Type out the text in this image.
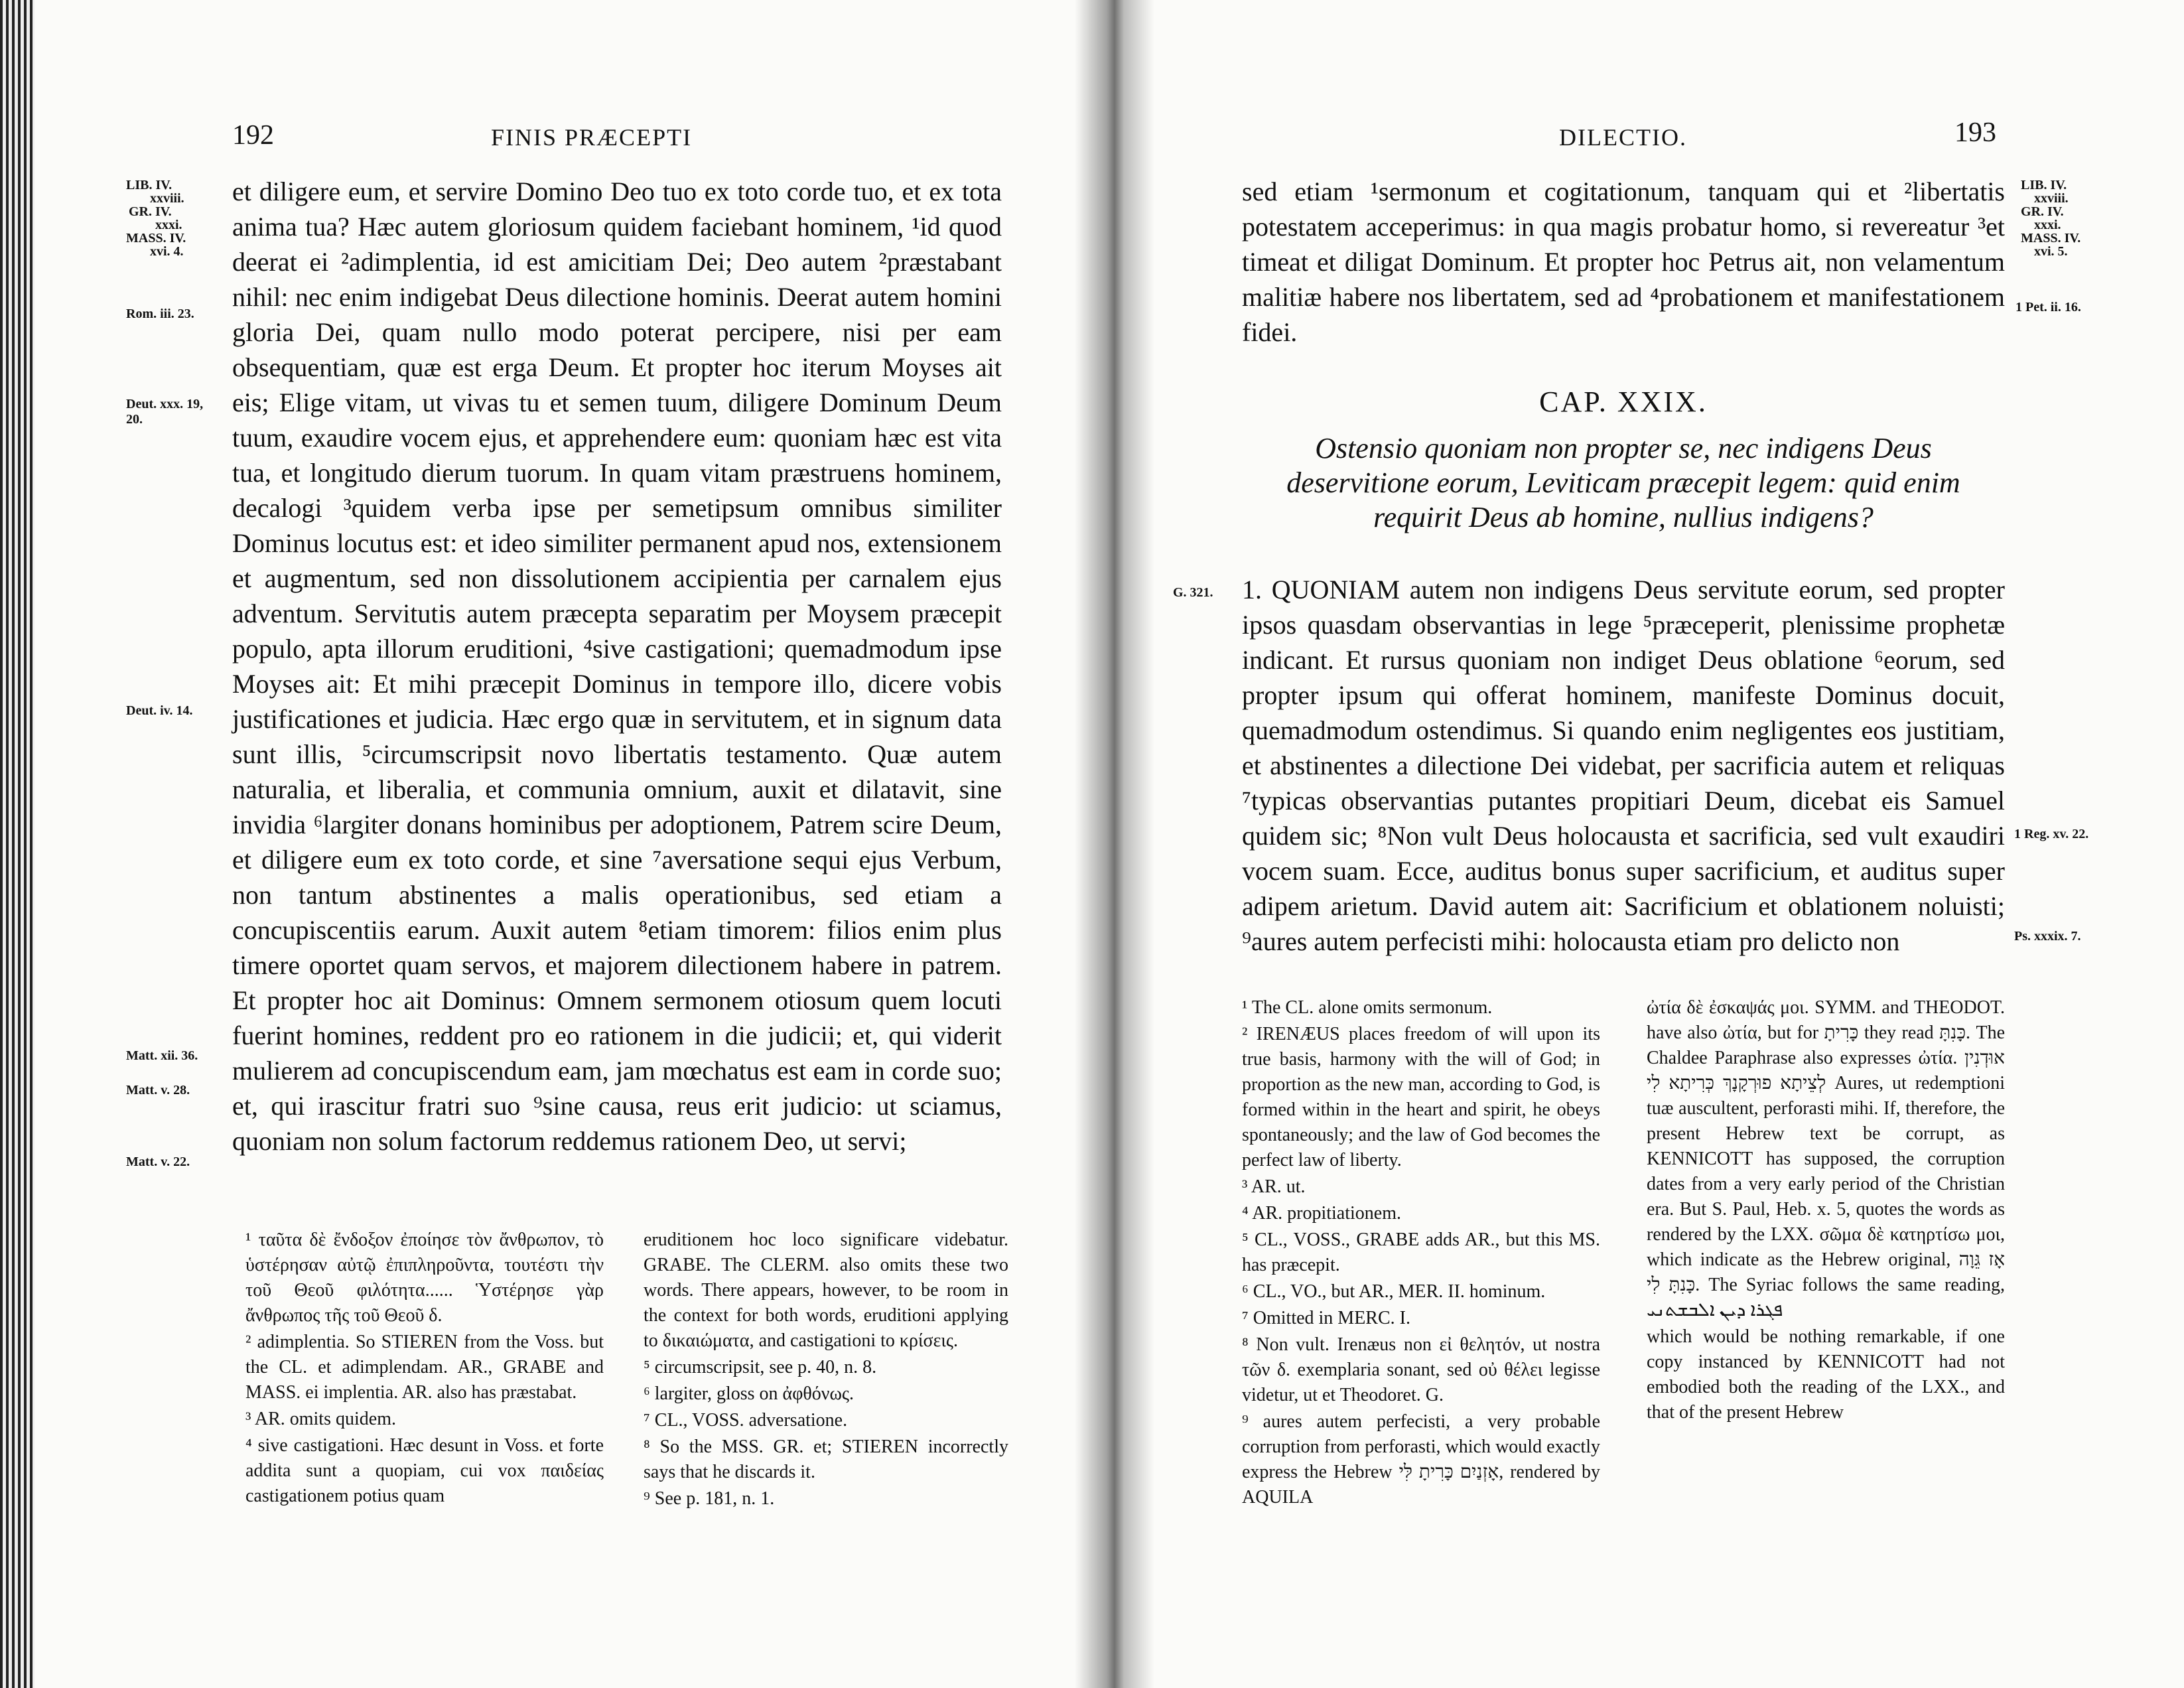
192	FINIS PRÆCEPTI
LIB. IV.
xxviii.
GR. IV.
xxxi.
MASS. IV.
xvi. 4.
Rom. iii. 23.
Deut. xxx. 19, 20.
Deut. iv. 14.
Matt. xii. 36.
Matt. v. 28.
Matt. v. 22.

et diligere eum, et servire Domino Deo tuo ex toto corde tuo, et ex tota anima tua? Hæc autem gloriosum quidem faciebant hominem, ¹id quod deerat ei ²adimplentia, id est amicitiam Dei; Deo autem ²præstabant nihil: nec enim indigebat Deus dilectione hominis. Deerat autem homini gloria Dei, quam nullo modo poterat percipere, nisi per eam obsequentiam, quæ est erga Deum. Et propter hoc iterum Moyses ait eis; Elige vitam, ut vivas tu et semen tuum, diligere Dominum Deum tuum, exaudire vocem ejus, et apprehendere eum: quoniam hæc est vita tua, et longitudo dierum tuorum. In quam vitam præstruens hominem, decalogi ³quidem verba ipse per semetipsum omnibus similiter Dominus locutus est: et ideo similiter permanent apud nos, extensionem et augmentum, sed non dissolutionem accipientia per carnalem ejus adventum. Servitutis autem præcepta separatim per Moysem præcepit populo, apta illorum eruditioni, ⁴sive castigationi; quemadmodum ipse Moyses ait: Et mihi præcepit Dominus in tempore illo, dicere vobis justificationes et judicia. Hæc ergo quæ in servitutem, et in signum data sunt illis, ⁵circumscripsit novo libertatis testamento. Quæ autem naturalia, et liberalia, et communia omnium, auxit et dilatavit, sine invidia ⁶largiter donans hominibus per adoptionem, Patrem scire Deum, et diligere eum ex toto corde, et sine ⁷aversatione sequi ejus Verbum, non tantum abstinentes a malis operationibus, sed etiam a concupiscentiis earum. Auxit autem ⁸etiam timorem: filios enim plus timere oportet quam servos, et majorem dilectionem habere in patrem. Et propter hoc ait Dominus: Omnem sermonem otiosum quem locuti fuerint homines, reddent pro eo rationem in die judicii; et, qui viderit mulierem ad concupiscendum eam, jam mœchatus est eam in corde suo; et, qui irascitur fratri suo ⁹sine causa, reus erit judicio: ut sciamus, quoniam non solum factorum reddemus rationem Deo, ut servi;

¹ ταῦτα δὲ ἔνδοξον ἐποίησε τὸν ἄνθρωπον, τὸ ὑστέρησαν αὐτῷ ἐπιπληροῦντα, τουτέστι τὴν τοῦ Θεοῦ φιλότητα...... Ὑστέρησε γὰρ ἄνθρωπος τῆς τοῦ Θεοῦ δ.

² adimplentia. So STIEREN from the Voss. but the CL. et adimplendam. AR., GRABE and MASS. ei implentia. AR. also has præstabat.

³ AR. omits quidem.

⁴ sive castigationi. Hæc desunt in Voss. et forte addita sunt a quopiam, cui vox παιδείας castigationem potius quam

eruditionem hoc loco significare videbatur. GRABE. The CLERM. also omits these two words. There appears, however, to be room in the context for both words, eruditioni applying to δικαιώματα, and castigationi to κρίσεις.

⁵ circumscripsit, see p. 40, n. 8.

⁶ largiter, gloss on ἀφθόνως.

⁷ CL., VOSS. adversatione.

⁸ So the MSS. GR. et; STIEREN incorrectly says that he discards it.

⁹ See p. 181, n. 1.

DILECTIO.	193
LIB. IV.
xxviii.
GR. IV.
xxxi.
MASS. IV.
xvi. 5.
1 Pet. ii. 16.
G. 321.
1 Reg. xv. 22.
Ps. xxxix. 7.

sed etiam ¹sermonum et cogitationum, tanquam qui et ²libertatis potestatem acceperimus: in qua magis probatur homo, si revereatur ³et timeat et diligat Dominum. Et propter hoc Petrus ait, non velamentum malitiæ habere nos libertatem, sed ad ⁴probationem et manifestationem fidei.

CAP. XXIX.
Ostensio quoniam non propter se, nec indigens Deus deservitione eorum, Leviticam præcepit legem: quid enim requirit Deus ab homine, nullius indigens?

1. QUONIAM autem non indigens Deus servitute eorum, sed propter ipsos quasdam observantias in lege ⁵præceperit, plenissime prophetæ indicant. Et rursus quoniam non indiget Deus oblatione ⁶eorum, sed propter ipsum qui offerat hominem, manifeste Dominus docuit, quemadmodum ostendimus. Si quando enim negligentes eos justitiam, et abstinentes a dilectione Dei videbat, per sacrificia autem et reliquas ⁷typicas observantias putantes propitiari Deum, dicebat eis Samuel quidem sic; ⁸Non vult Deus holocausta et sacrificia, sed vult exaudiri vocem suam. Ecce, auditus bonus super sacrificium, et auditus super adipem arietum. David autem ait: Sacrificium et oblationem noluisti; ⁹aures autem perfecisti mihi: holocausta etiam pro delicto non

¹ The CL. alone omits sermonum.

² IRENÆUS places freedom of will upon its true basis, harmony with the will of God; in proportion as the new man, according to God, is formed within in the heart and spirit, he obeys spontaneously; and the law of God becomes the perfect law of liberty.

³ AR. ut.

⁴ AR. propitiationem.

⁵ CL., VOSS., GRABE adds AR., but this MS. has præcepit.

⁶ CL., VO., but AR., MER. II. hominum.

⁷ Omitted in MERC. I.

⁸ Non vult. Irenæus non εἰ θελητόν, ut nostra τῶν δ. exemplaria sonant, sed οὐ θέλει legisse videtur, ut et Theodoret. G.

⁹ aures autem perfecisti, a very probable corruption from perforasti, which would exactly express the Hebrew אָזְנַיִם כָּרִיתָ לִּי, rendered by AQUILA

ὠτία δὲ ἐσκαψάς μοι. SYMM. and THEODOT. have also ὠτία, but for כָּרִיתָ they read כָּנִתָּ. The Chaldee Paraphrase also expresses ὠτία. אוּדְנִין לְצֵיתָא פוּרְקָנָךְ כְּרִיתָא לִי Aures, ut redemptioni tuæ auscultent, perforasti mihi. If, therefore, the present Hebrew text be corrupt, as KENNICOTT has supposed, the corruption dates from a very early period of the Christian era. But S. Paul, Heb. x. 5, quotes the words as rendered by the LXX. σῶμα δὲ κατηρτίσω μοι, which indicate as the Hebrew original, אָז גֵּוָה כָּנִתָּ לִי. The Syriac follows the same reading, ܦܓܪܐ ܕܝܢ ܐܠܒܫܬܢܝ

which would be nothing remarkable, if one copy instanced by KENNICOTT had not embodied both the reading of the LXX., and that of the present Hebrew
